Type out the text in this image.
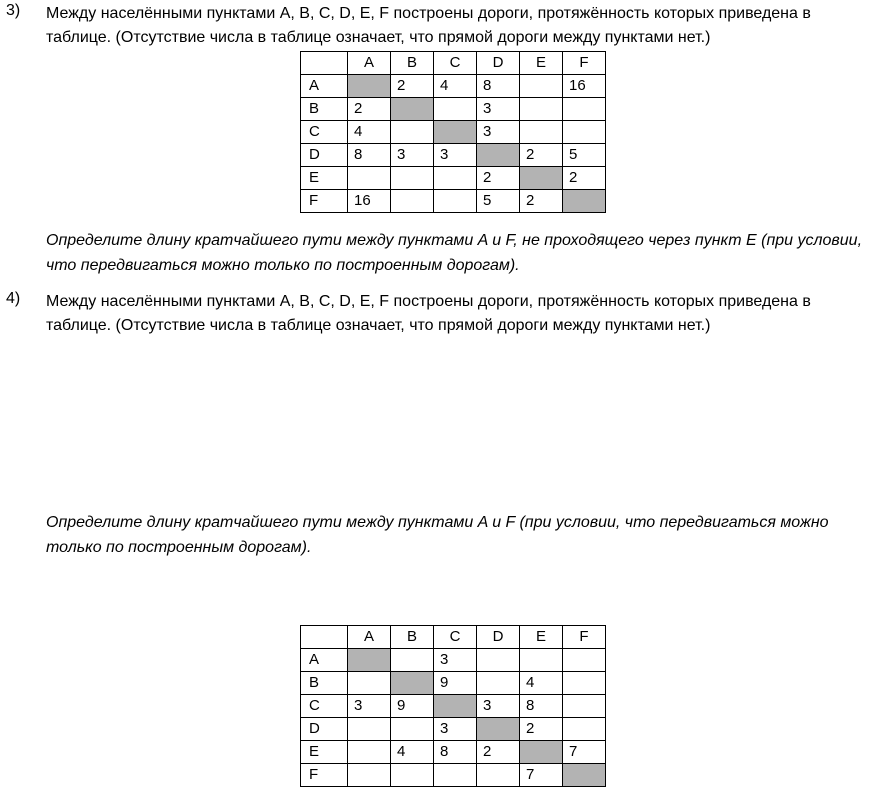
3) Между населёнными пунктами A, B, C, D, E, F построены дороги, протяжённость которых приведена в таблице. (Отсутствие числа в таблице означает, что прямой дороги между пунктами нет.)
	A	B	C	D	E	F
A		2	4	8		16
B	2			3		
C	4			3		
D	8	3	3		2	5
E				2		2
F	16			5	2	
Определите длину кратчайшего пути между пунктами A и F, не проходящего через пункт E (при условии, что передвигаться можно только по построенным дорогам).
4) Между населёнными пунктами A, B, C, D, E, F построены дороги, протяжённость которых приведена в таблице. (Отсутствие числа в таблице означает, что прямой дороги между пунктами нет.)
	A	B	C	D	E	F
A			3			
B			9		4	
C	3	9		3	8	
D			3		2	
E		4	8	2		7
F					7	
Определите длину кратчайшего пути между пунктами A и F (при условии, что передвигаться можно только по построенным дорогам).
